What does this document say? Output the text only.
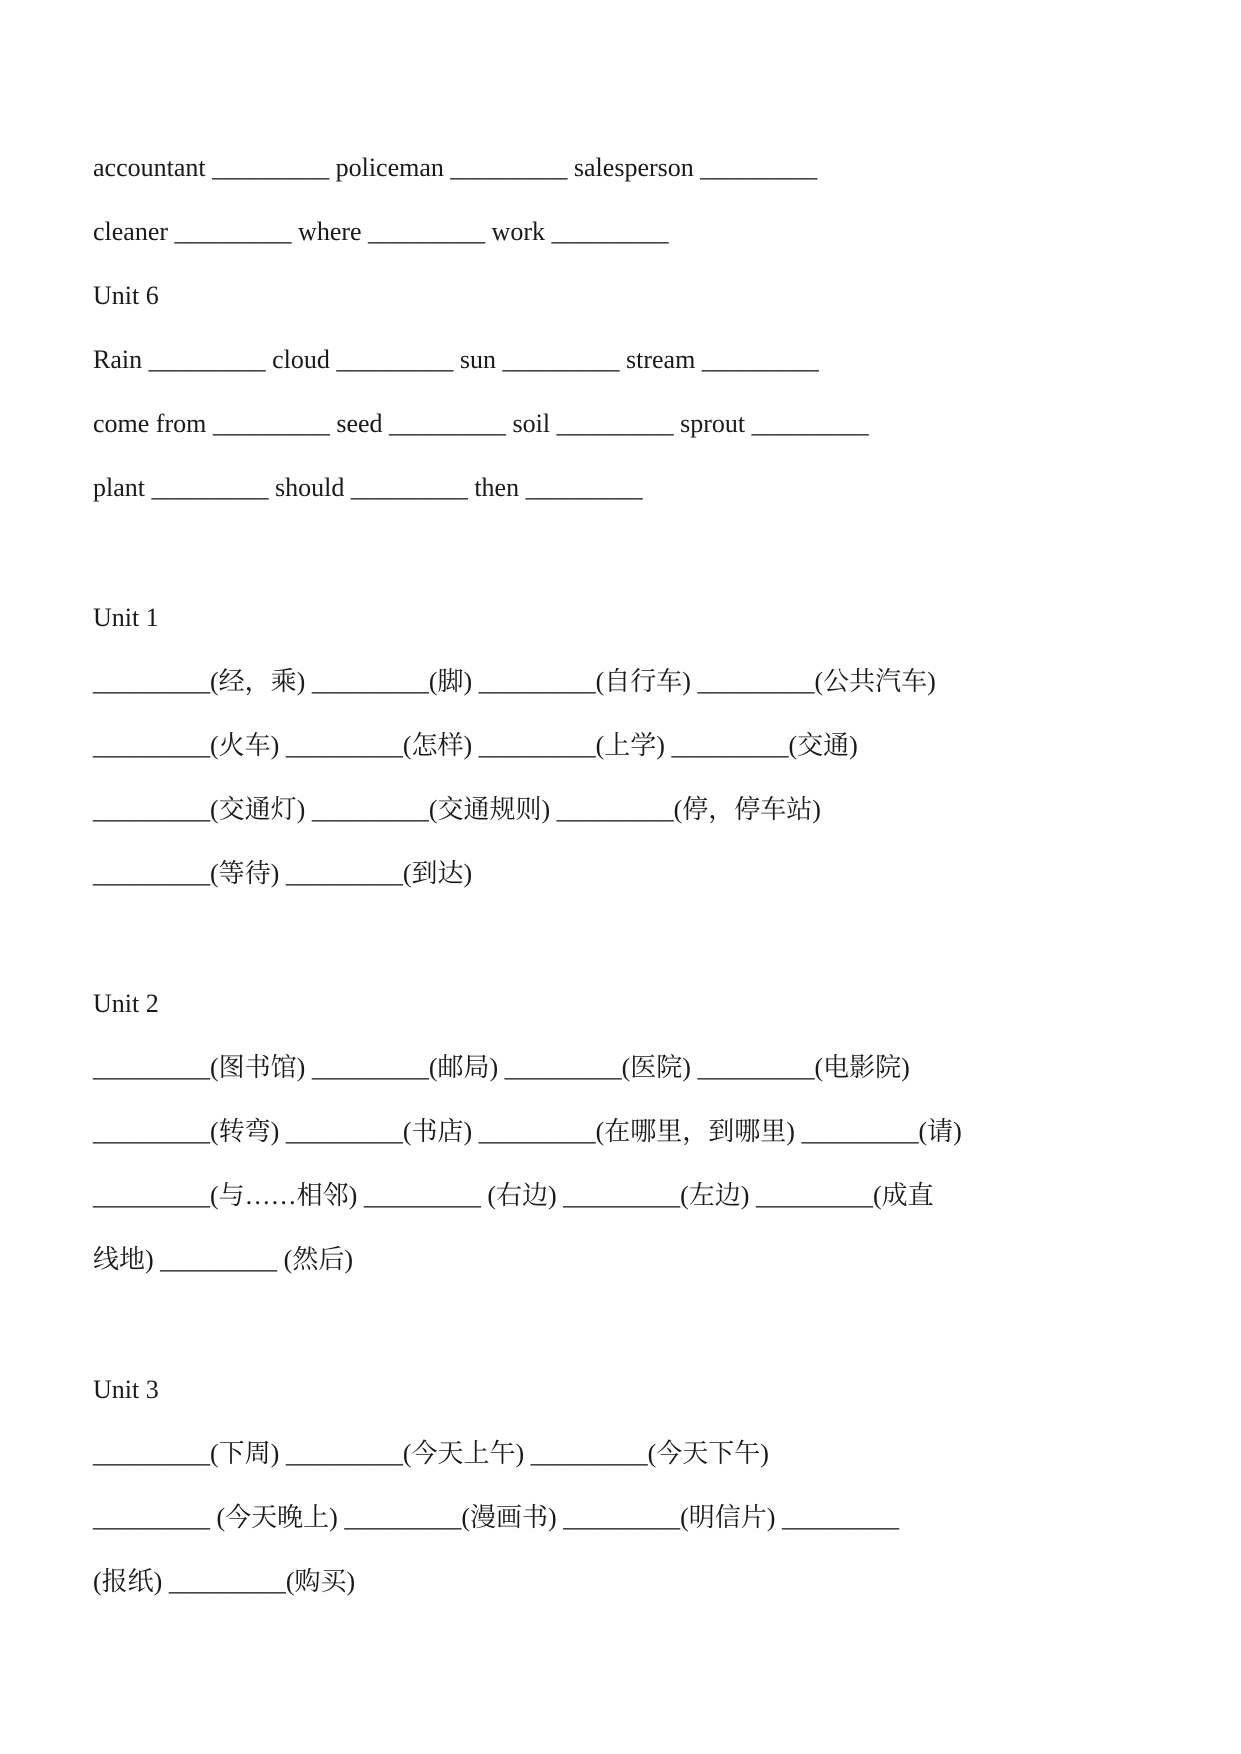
accountant _________ policeman _________ salesperson _________
cleaner _________ where _________ work _________
Unit 6
Rain _________ cloud _________ sun _________ stream _________
come from _________ seed _________ soil _________ sprout _________
plant _________ should _________ then _________
Unit 1
_________(经，乘) _________(脚) _________(自行车) _________(公共汽车)
_________(火车) _________(怎样) _________(上学) _________(交通)
_________(交通灯) _________(交通规则) _________(停，停车站)
_________(等待) _________(到达)
Unit 2
_________(图书馆) _________(邮局) _________(医院) _________(电影院)
_________(转弯) _________(书店) _________(在哪里，到哪里) _________(请)
_________(与……相邻) _________ (右边) _________(左边) _________(成直
线地) _________ (然后)
Unit 3
_________(下周) _________(今天上午) _________(今天下午)
_________ (今天晚上) _________(漫画书) _________(明信片) _________
(报纸) _________(购买)
